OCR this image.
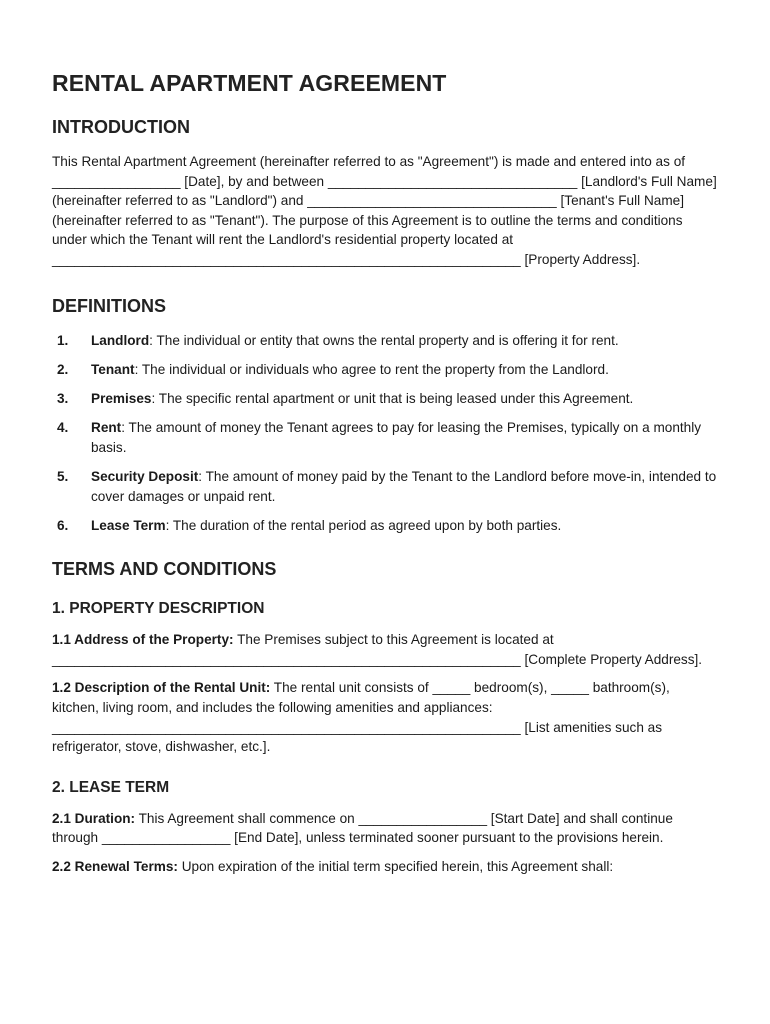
RENTAL APARTMENT AGREEMENT
INTRODUCTION

This Rental Apartment Agreement (hereinafter referred to as "Agreement") is made and entered into as of _________________ [Date], by and between _________________________________ [Landlord's Full Name] (hereinafter referred to as "Landlord") and _________________________________ [Tenant's Full Name] (hereinafter referred to as "Tenant"). The purpose of this Agreement is to outline the terms and conditions under which the Tenant will rent the Landlord's residential property located at ______________________________________________________________ [Property Address].

DEFINITIONS
1. Landlord: The individual or entity that owns the rental property and is offering it for rent.
2. Tenant: The individual or individuals who agree to rent the property from the Landlord.
3. Premises: The specific rental apartment or unit that is being leased under this Agreement.
4. Rent: The amount of money the Tenant agrees to pay for leasing the Premises, typically on a monthly basis.
5. Security Deposit: The amount of money paid by the Tenant to the Landlord before move-in, intended to cover damages or unpaid rent.
6. Lease Term: The duration of the rental period as agreed upon by both parties.
TERMS AND CONDITIONS
1. PROPERTY DESCRIPTION

1.1 Address of the Property: The Premises subject to this Agreement is located at ______________________________________________________________ [Complete Property Address].

1.2 Description of the Rental Unit: The rental unit consists of _____ bedroom(s), _____ bathroom(s), kitchen, living room, and includes the following amenities and appliances: ______________________________________________________________ [List amenities such as refrigerator, stove, dishwasher, etc.].

2. LEASE TERM

2.1 Duration: This Agreement shall commence on _________________ [Start Date] and shall continue through _________________ [End Date], unless terminated sooner pursuant to the provisions herein.

2.2 Renewal Terms: Upon expiration of the initial term specified herein, this Agreement shall:
